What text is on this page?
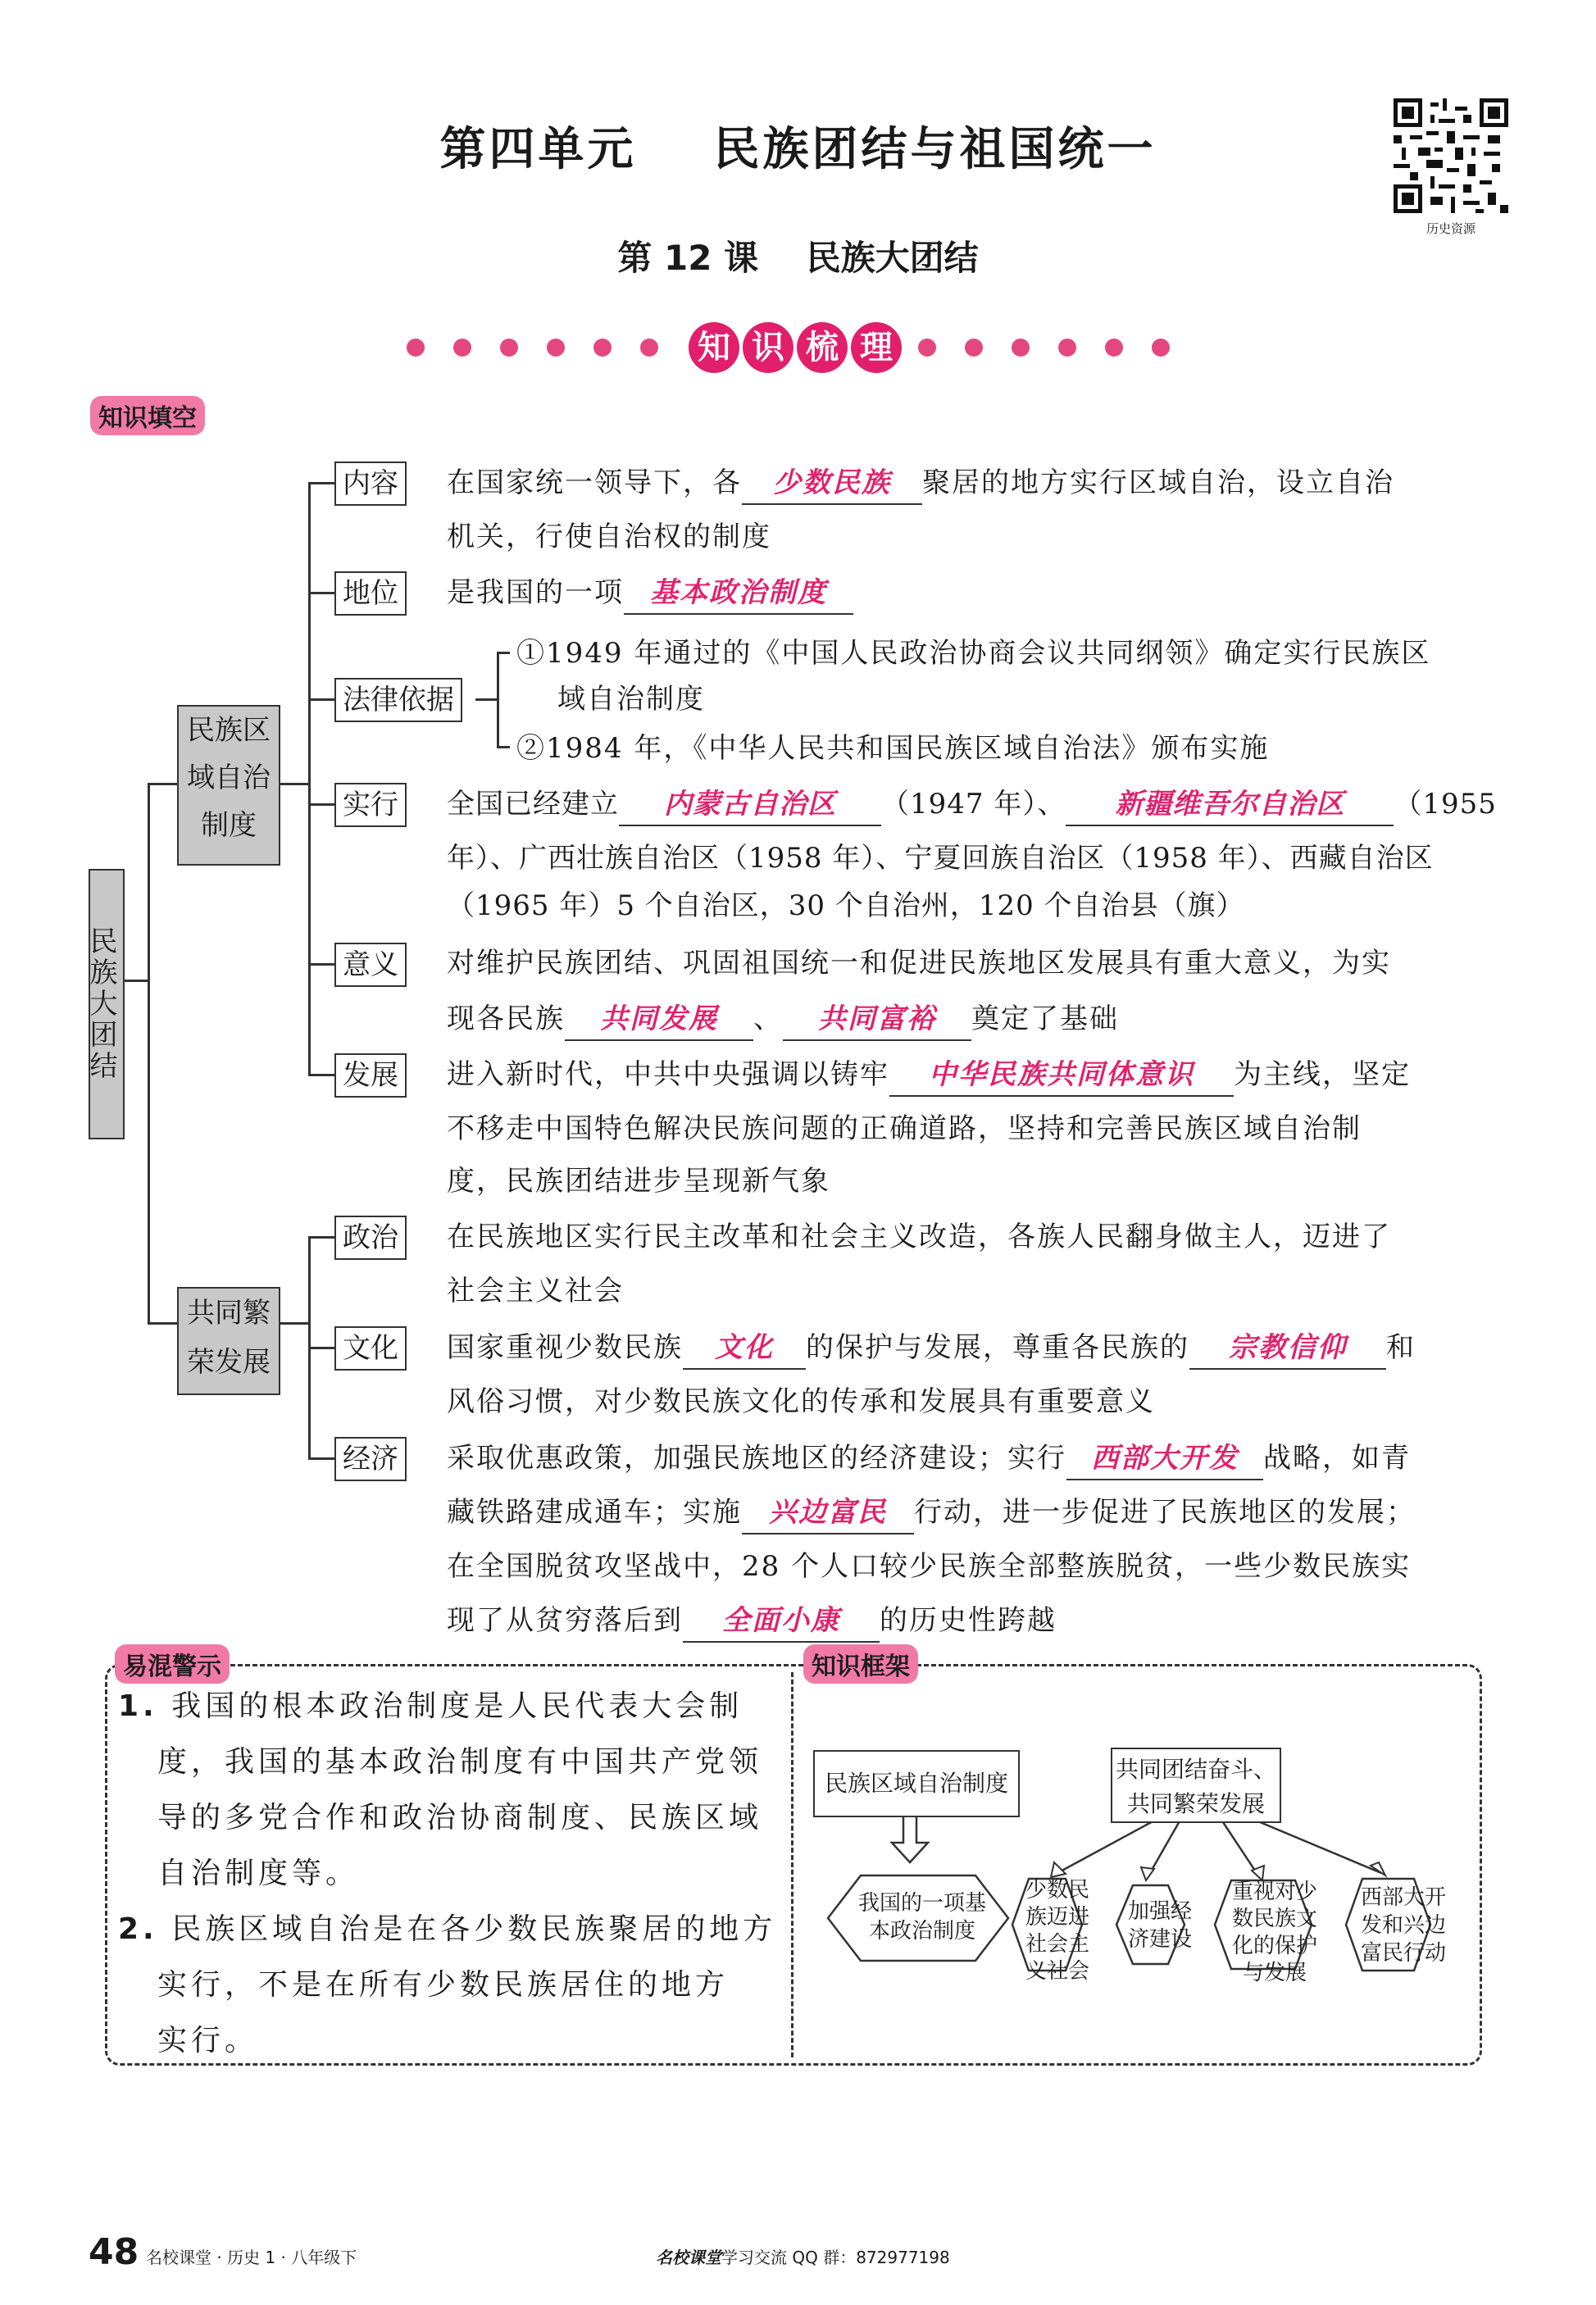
第四单元    民族团结与祖国统一
第 12 课    民族大团结
历史资源
知 识 梳 理
知识填空
民族大团结
民族区
域自治
制度
共同繁
荣发展
内容
地位
法律依据
实行
意义
发展
政治
文化
经济
在国家统一领导下，各 少数民族 聚居的地方实行区域自治，设立自治
机关，行使自治权的制度
是我国的一项 基本政治制度
①1949 年通过的《中国人民政治协商会议共同纲领》确定实行民族区
域自治制度
②1984 年，《中华人民共和国民族区域自治法》颁布实施
全国已经建立 内蒙古自治区 （1947 年）、 新疆维吾尔自治区 （1955
年）、广西壮族自治区（1958 年）、宁夏回族自治区（1958 年）、西藏自治区
（1965 年）5 个自治区，30 个自治州，120 个自治县（旗）
对维护民族团结、巩固祖国统一和促进民族地区发展具有重大意义，为实
现各民族 共同发展 、 共同富裕 奠定了基础
进入新时代，中共中央强调以铸牢 中华民族共同体意识 为主线，坚定
不移走中国特色解决民族问题的正确道路，坚持和完善民族区域自治制
度，民族团结进步呈现新气象
在民族地区实行民主改革和社会主义改造，各族人民翻身做主人，迈进了
社会主义社会
国家重视少数民族 文化 的保护与发展，尊重各民族的 宗教信仰 和
风俗习惯，对少数民族文化的传承和发展具有重要意义
采取优惠政策，加强民族地区的经济建设；实行 西部大开发 战略，如青
藏铁路建成通车；实施 兴边富民 行动，进一步促进了民族地区的发展；
在全国脱贫攻坚战中，28 个人口较少民族全部整族脱贫，一些少数民族实
现了从贫穷落后到 全面小康 的历史性跨越
易混警示	知识框架
1. 我国的根本政治制度是人民代表大会制
度，我国的基本政治制度有中国共产党领
导的多党合作和政治协商制度、民族区域
自治制度等。
2. 民族区域自治是在各少数民族聚居的地方
实行，不是在所有少数民族居住的地方
实行。
民族区域自治制度
共同团结奋斗、
共同繁荣发展
我国的一项基
本政治制度
少数民
族迈进
社会主
义社会
加强经
济建设
重视对少
数民族文
化的保护
与发展
西部大开
发和兴边
富民行动
48 名校课堂 · 历史 1 · 八年级下	名校课堂学习交流 QQ 群：872977198
